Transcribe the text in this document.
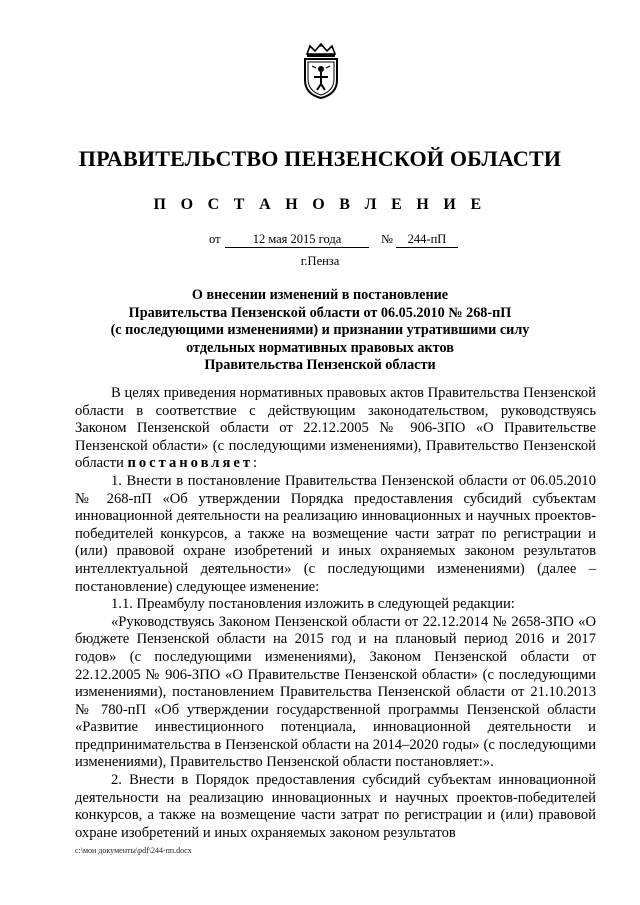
ПРАВИТЕЛЬСТВО ПЕНЗЕНСКОЙ ОБЛАСТИ
П О С Т А Н О В Л Е Н И Е
от	12 мая 2015 года	№	244-пП
г.Пенза
О внесении изменений в постановление
Правительства Пензенской области от 06.05.2010 № 268-пП
(с последующими изменениями) и признании утратившими силу
отдельных нормативных правовых актов
Правительства Пензенской области

В целях приведения нормативных правовых актов Правительства Пензенской области в соответствие с действующим законодательством, руководствуясь Законом Пензенской области от 22.12.2005 № 906-ЗПО «О Правительстве Пензенской области» (с последующими изменениями), Правительство Пензенской области постановляет:

1. Внести в постановление Правительства Пензенской области от 06.05.2010 № 268-пП «Об утверждении Порядка предоставления субсидий субъектам инновационной деятельности на реализацию инновационных и научных проектов-победителей конкурсов, а также на возмещение части затрат по регистрации и (или) правовой охране изобретений и иных охраняемых законом результатов интеллектуальной деятельности» (с последующими изменениями) (далее – постановление) следующее изменение:

1.1. Преамбулу постановления изложить в следующей редакции:

«Руководствуясь Законом Пензенской области от 22.12.2014 № 2658-ЗПО «О бюджете Пензенской области на 2015 год и на плановый период 2016 и 2017 годов» (с последующими изменениями), Законом Пензенской области от 22.12.2005 № 906-ЗПО «О Правительстве Пензенской области» (с последующими изменениями), постановлением Правительства Пензенской области от 21.10.2013 № 780-пП «Об утверждении государственной программы Пензенской области «Развитие инвестиционного потенциала, инновационной деятельности и предпринимательства в Пензенской области на 2014–2020 годы» (с последующими изменениями), Правительство Пензенской области постановляет:».

2. Внести в Порядок предоставления субсидий субъектам инновационной деятельности на реализацию инновационных и научных проектов-победителей конкурсов, а также на возмещение части затрат по регистрации и (или) правовой охране изобретений и иных охраняемых законом результатов

c:\мои документы\pdf\244-пп.docx
